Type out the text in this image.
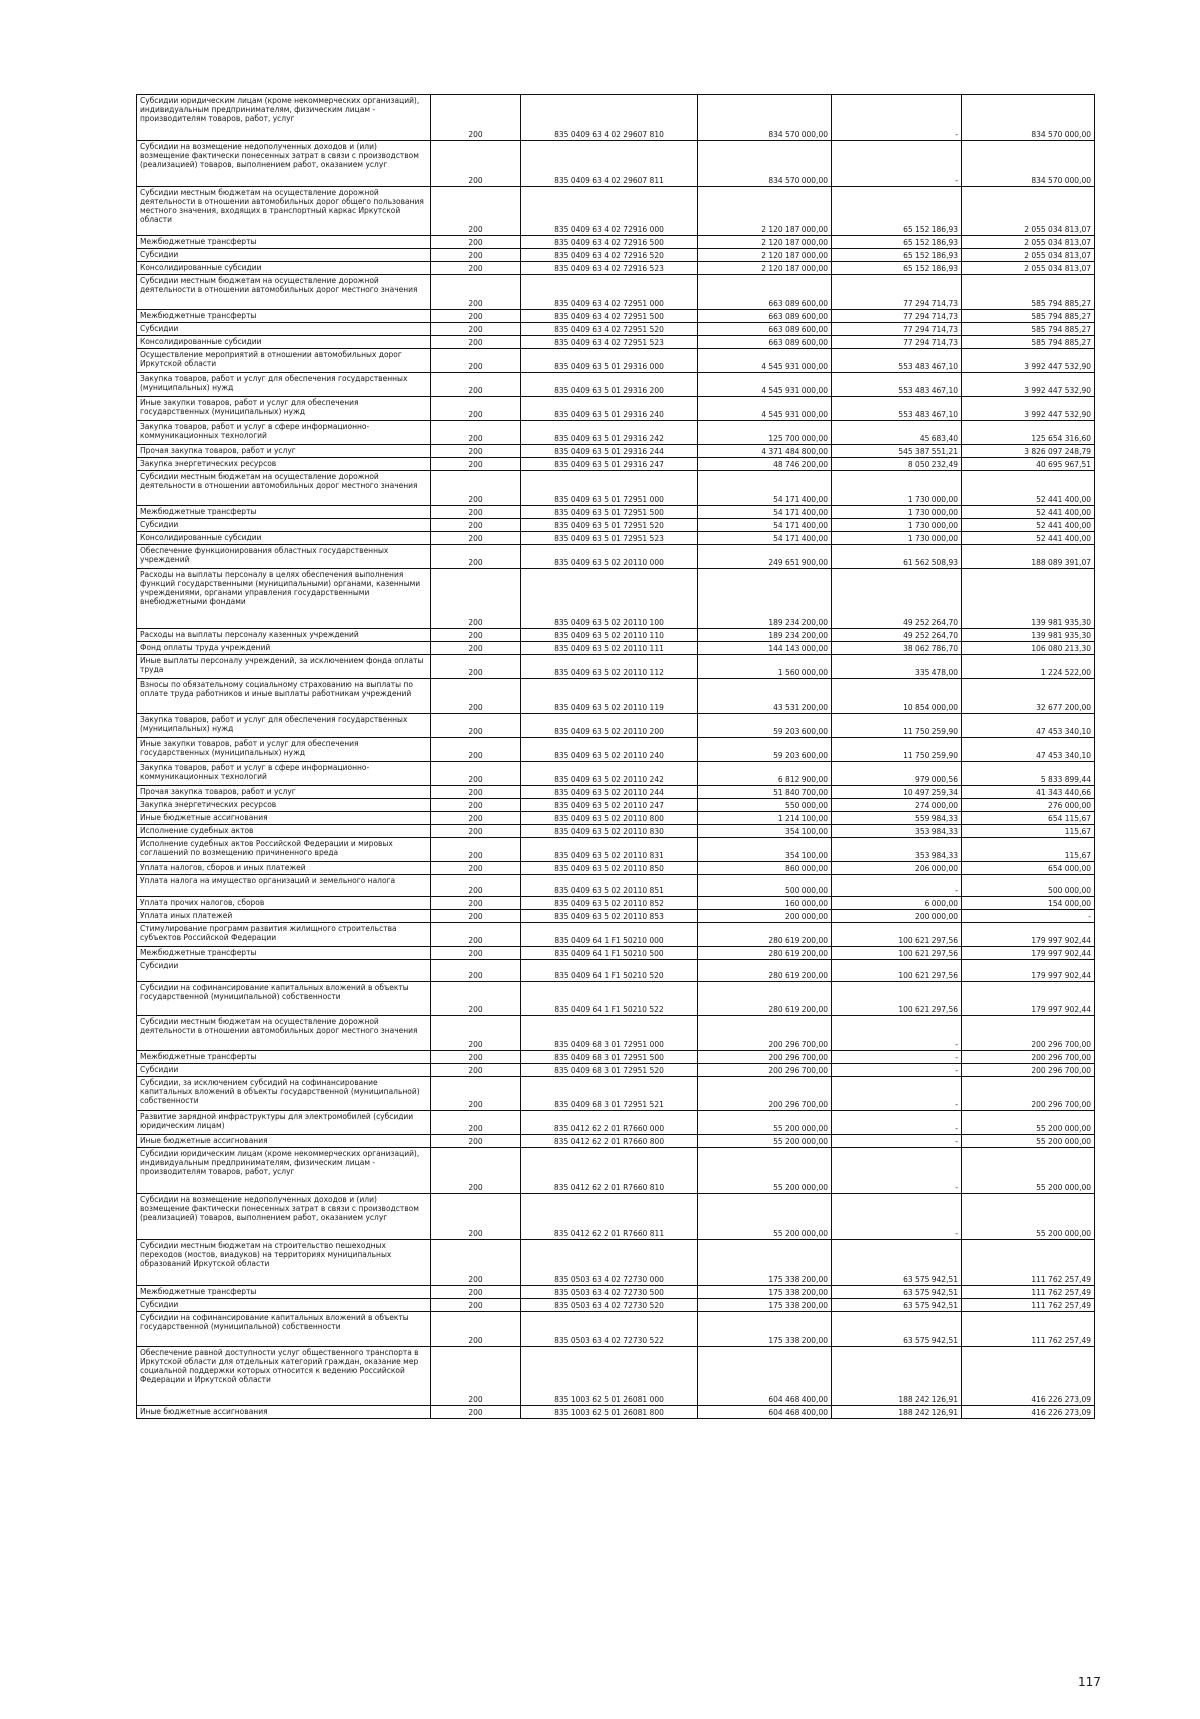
Субсидии юридическим лицам (кроме некоммерческих организаций), индивидуальным предпринимателям, физическим лицам - производителям товаров, работ, услуг	200	835 0409 63 4 02 29607 810	834 570 000,00	-	834 570 000,00
Субсидии на возмещение недополученных доходов и (или) возмещение фактически понесенных затрат в связи с производством (реализацией) товаров, выполнением работ, оказанием услуг	200	835 0409 63 4 02 29607 811	834 570 000,00	-	834 570 000,00
Субсидии местным бюджетам на осуществление дорожной деятельности в отношении автомобильных дорог общего пользования местного значения, входящих в транспортный каркас Иркутской области	200	835 0409 63 4 02 72916 000	2 120 187 000,00	65 152 186,93	2 055 034 813,07
Межбюджетные трансферты	200	835 0409 63 4 02 72916 500	2 120 187 000,00	65 152 186,93	2 055 034 813,07
Субсидии	200	835 0409 63 4 02 72916 520	2 120 187 000,00	65 152 186,93	2 055 034 813,07
Консолидированные субсидии	200	835 0409 63 4 02 72916 523	2 120 187 000,00	65 152 186,93	2 055 034 813,07
Субсидии местным бюджетам на осуществление дорожной деятельности в отношении автомобильных дорог местного значения	200	835 0409 63 4 02 72951 000	663 089 600,00	77 294 714,73	585 794 885,27
Межбюджетные трансферты	200	835 0409 63 4 02 72951 500	663 089 600,00	77 294 714,73	585 794 885,27
Субсидии	200	835 0409 63 4 02 72951 520	663 089 600,00	77 294 714,73	585 794 885,27
Консолидированные субсидии	200	835 0409 63 4 02 72951 523	663 089 600,00	77 294 714,73	585 794 885,27
Осуществление мероприятий в отношении автомобильных дорог Иркутской области	200	835 0409 63 5 01 29316 000	4 545 931 000,00	553 483 467,10	3 992 447 532,90
Закупка товаров, работ и услуг для обеспечения государственных (муниципальных) нужд	200	835 0409 63 5 01 29316 200	4 545 931 000,00	553 483 467,10	3 992 447 532,90
Иные закупки товаров, работ и услуг для обеспечения государственных (муниципальных) нужд	200	835 0409 63 5 01 29316 240	4 545 931 000,00	553 483 467,10	3 992 447 532,90
Закупка товаров, работ и услуг в сфере информационно-коммуникационных технологий	200	835 0409 63 5 01 29316 242	125 700 000,00	45 683,40	125 654 316,60
Прочая закупка товаров, работ и услуг	200	835 0409 63 5 01 29316 244	4 371 484 800,00	545 387 551,21	3 826 097 248,79
Закупка энергетических ресурсов	200	835 0409 63 5 01 29316 247	48 746 200,00	8 050 232,49	40 695 967,51
Субсидии местным бюджетам на осуществление дорожной деятельности в отношении автомобильных дорог местного значения	200	835 0409 63 5 01 72951 000	54 171 400,00	1 730 000,00	52 441 400,00
Межбюджетные трансферты	200	835 0409 63 5 01 72951 500	54 171 400,00	1 730 000,00	52 441 400,00
Субсидии	200	835 0409 63 5 01 72951 520	54 171 400,00	1 730 000,00	52 441 400,00
Консолидированные субсидии	200	835 0409 63 5 01 72951 523	54 171 400,00	1 730 000,00	52 441 400,00
Обеспечение функционирования областных государственных учреждений	200	835 0409 63 5 02 20110 000	249 651 900,00	61 562 508,93	188 089 391,07
Расходы на выплаты персоналу в целях обеспечения выполнения функций государственными (муниципальными) органами, казенными учреждениями, органами управления государственными внебюджетными фондами	200	835 0409 63 5 02 20110 100	189 234 200,00	49 252 264,70	139 981 935,30
Расходы на выплаты персоналу казенных учреждений	200	835 0409 63 5 02 20110 110	189 234 200,00	49 252 264,70	139 981 935,30
Фонд оплаты труда учреждений	200	835 0409 63 5 02 20110 111	144 143 000,00	38 062 786,70	106 080 213,30
Иные выплаты персоналу учреждений, за исключением фонда оплаты труда	200	835 0409 63 5 02 20110 112	1 560 000,00	335 478,00	1 224 522,00
Взносы по обязательному социальному страхованию на выплаты по оплате труда работников и иные выплаты работникам учреждений	200	835 0409 63 5 02 20110 119	43 531 200,00	10 854 000,00	32 677 200,00
Закупка товаров, работ и услуг для обеспечения государственных (муниципальных) нужд	200	835 0409 63 5 02 20110 200	59 203 600,00	11 750 259,90	47 453 340,10
Иные закупки товаров, работ и услуг для обеспечения государственных (муниципальных) нужд	200	835 0409 63 5 02 20110 240	59 203 600,00	11 750 259,90	47 453 340,10
Закупка товаров, работ и услуг в сфере информационно-коммуникационных технологий	200	835 0409 63 5 02 20110 242	6 812 900,00	979 000,56	5 833 899,44
Прочая закупка товаров, работ и услуг	200	835 0409 63 5 02 20110 244	51 840 700,00	10 497 259,34	41 343 440,66
Закупка энергетических ресурсов	200	835 0409 63 5 02 20110 247	550 000,00	274 000,00	276 000,00
Иные бюджетные ассигнования	200	835 0409 63 5 02 20110 800	1 214 100,00	559 984,33	654 115,67
Исполнение судебных актов	200	835 0409 63 5 02 20110 830	354 100,00	353 984,33	115,67
Исполнение судебных актов Российской Федерации и мировых соглашений по возмещению причиненного вреда	200	835 0409 63 5 02 20110 831	354 100,00	353 984,33	115,67
Уплата налогов, сборов и иных платежей	200	835 0409 63 5 02 20110 850	860 000,00	206 000,00	654 000,00
Уплата налога на имущество организаций и земельного налога	200	835 0409 63 5 02 20110 851	500 000,00	-	500 000,00
Уплата прочих налогов, сборов	200	835 0409 63 5 02 20110 852	160 000,00	6 000,00	154 000,00
Уплата иных платежей	200	835 0409 63 5 02 20110 853	200 000,00	200 000,00	-
Стимулирование программ развития жилищного строительства субъектов Российской Федерации	200	835 0409 64 1 F1 50210 000	280 619 200,00	100 621 297,56	179 997 902,44
Межбюджетные трансферты	200	835 0409 64 1 F1 50210 500	280 619 200,00	100 621 297,56	179 997 902,44
Субсидии	200	835 0409 64 1 F1 50210 520	280 619 200,00	100 621 297,56	179 997 902,44
Субсидии на софинансирование капитальных вложений в объекты государственной (муниципальной) собственности	200	835 0409 64 1 F1 50210 522	280 619 200,00	100 621 297,56	179 997 902,44
Субсидии местным бюджетам на осуществление дорожной деятельности в отношении автомобильных дорог местного значения	200	835 0409 68 3 01 72951 000	200 296 700,00	-	200 296 700,00
Межбюджетные трансферты	200	835 0409 68 3 01 72951 500	200 296 700,00	-	200 296 700,00
Субсидии	200	835 0409 68 3 01 72951 520	200 296 700,00	-	200 296 700,00
Субсидии, за исключением субсидий на софинансирование капитальных вложений в объекты государственной (муниципальной) собственности	200	835 0409 68 3 01 72951 521	200 296 700,00	-	200 296 700,00
Развитие зарядной инфраструктуры для электромобилей (субсидии юридическим лицам)	200	835 0412 62 2 01 R7660 000	55 200 000,00	-	55 200 000,00
Иные бюджетные ассигнования	200	835 0412 62 2 01 R7660 800	55 200 000,00	-	55 200 000,00
Субсидии юридическим лицам (кроме некоммерческих организаций), индивидуальным предпринимателям, физическим лицам - производителям товаров, работ, услуг	200	835 0412 62 2 01 R7660 810	55 200 000,00	-	55 200 000,00
Субсидии на возмещение недополученных доходов и (или) возмещение фактически понесенных затрат в связи с производством (реализацией) товаров, выполнением работ, оказанием услуг	200	835 0412 62 2 01 R7660 811	55 200 000,00	-	55 200 000,00
Субсидии местным бюджетам на строительство пешеходных переходов (мостов, виадуков) на территориях муниципальных образований Иркутской области	200	835 0503 63 4 02 72730 000	175 338 200,00	63 575 942,51	111 762 257,49
Межбюджетные трансферты	200	835 0503 63 4 02 72730 500	175 338 200,00	63 575 942,51	111 762 257,49
Субсидии	200	835 0503 63 4 02 72730 520	175 338 200,00	63 575 942,51	111 762 257,49
Субсидии на софинансирование капитальных вложений в объекты государственной (муниципальной) собственности	200	835 0503 63 4 02 72730 522	175 338 200,00	63 575 942,51	111 762 257,49
Обеспечение равной доступности услуг общественного транспорта в Иркутской области для отдельных категорий граждан, оказание мер социальной поддержки которых относится к ведению Российской Федерации и Иркутской области	200	835 1003 62 5 01 26081 000	604 468 400,00	188 242 126,91	416 226 273,09
Иные бюджетные ассигнования	200	835 1003 62 5 01 26081 800	604 468 400,00	188 242 126,91	416 226 273,09
117
